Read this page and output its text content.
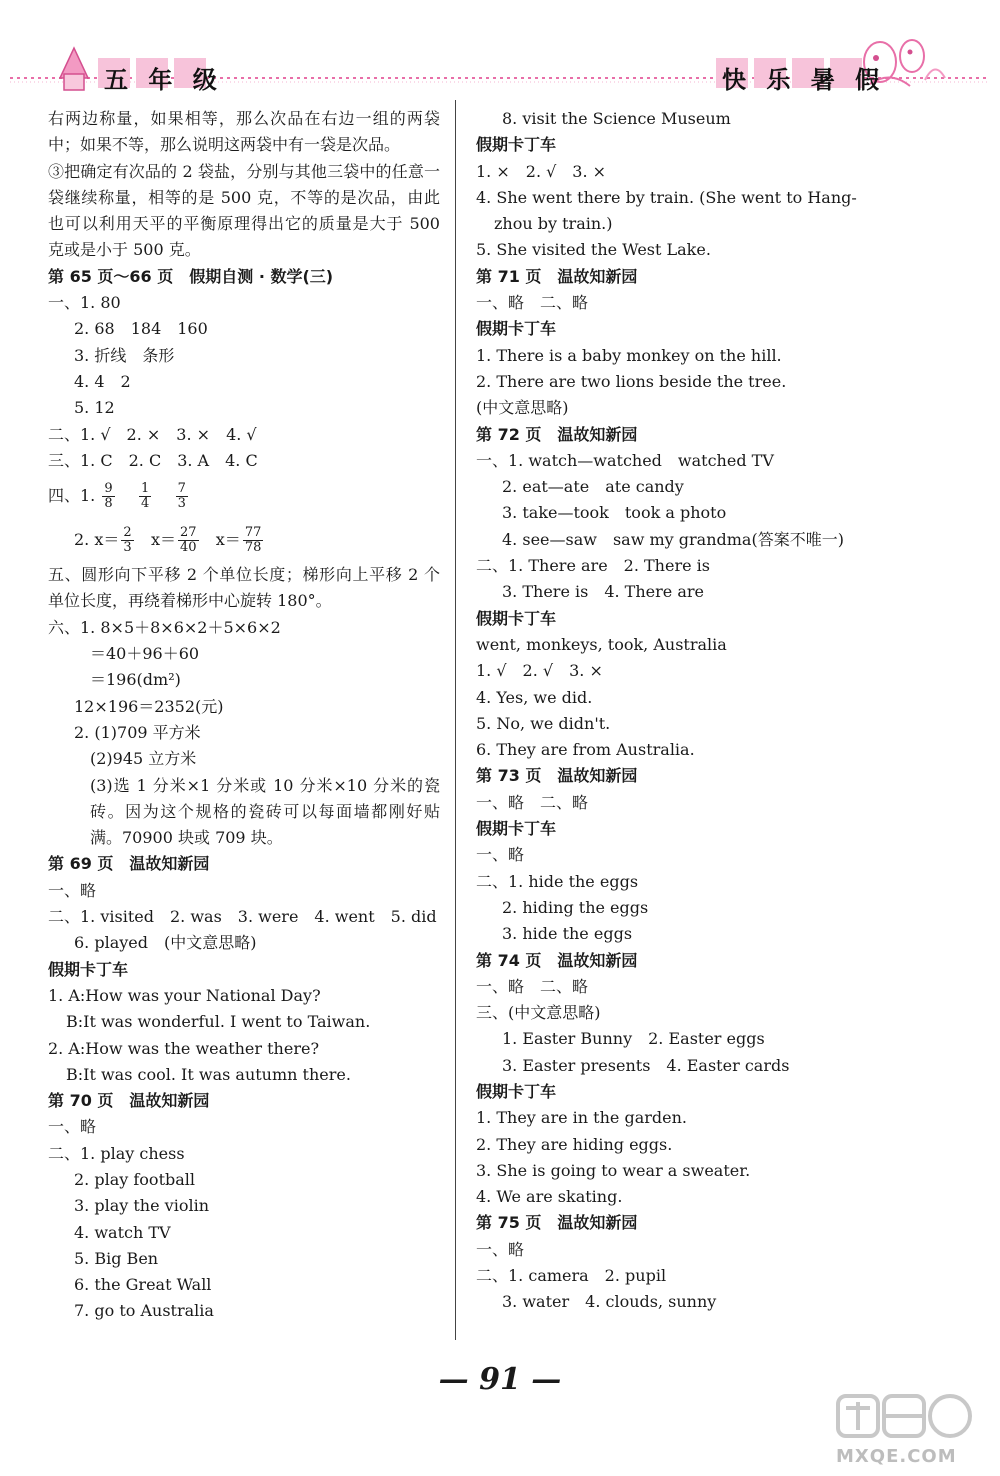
五 年 级	快 乐 暑 假
右两边称量，如果相等，那么次品在右边一组的两袋中；如果不等，那么说明这两袋中有一袋是次品。
③把确定有次品的 2 袋盐，分别与其他三袋中的任意一袋继续称量，相等的是 500 克，不等的是次品，由此也可以利用天平的平衡原理得出它的质量是大于 500 克或是小于 500 克。
第 65 页～66 页　假期自测 · 数学(三)
一、1. 80
2. 68　184　160
3. 折线　条形
4. 4　2
5. 12
二、1. √　2. ×　3. ×　4. √
三、1. C　2. C　3. A　4. C
四、1. $\frac{9}{8}$
$\frac{1}{4}$
$\frac{7}{3}$
2. $x= \frac{2}{3} x= \frac{27}{40} x= \frac{77}{78}$
五、圆形向下平移 2 个单位长度；梯形向上平移 2 个单位长度，再绕着梯形中心旋转 180°。
六、1. 8×5＋8×6×2＋5×6×2
＝40＋96＋60
＝196(dm²)
12×196＝2352(元)
2. (1)709 平方米
(2)945 立方米
(3)选 1 分米×1 分米或 10 分米×10 分米的瓷砖。因为这个规格的瓷砖可以每面墙都刚好贴满。70900 块或 709 块。
第 69 页　温故知新园
一、略
二、1. visited　2. was　3. were　4. went　5. did
6. played　(中文意思略)
假期卡丁车
1. A:How was your National Day?
B:It was wonderful. I went to Taiwan.
2. A:How was the weather there?
B:It was cool. It was autumn there.
第 70 页　温故知新园
一、略
二、1. play chess
2. play football
3. play the violin
4. watch TV
5. Big Ben
6. the Great Wall
7. go to Australia
8. visit the Science Museum
假期卡丁车
1. ×　2. √　3. ×
4. She went there by train. (She went to Hang-
zhou by train.)
5. She visited the West Lake.
第 71 页　温故知新园
一、略　二、略
假期卡丁车
1. There is a baby monkey on the hill.
2. There are two lions beside the tree.
(中文意思略)
第 72 页　温故知新园
一、1. watch—watched　watched TV
2. eat—ate　ate candy
3. take—took　took a photo
4. see—saw　saw my grandma(答案不唯一)
二、1. There are　2. There is
3. There is　4. There are
假期卡丁车
went, monkeys, took, Australia
1. √　2. √　3. ×
4. Yes, we did.
5. No, we didn't.
6. They are from Australia.
第 73 页　温故知新园
一、略　二、略
假期卡丁车
一、略
二、1. hide the eggs
2. hiding the eggs
3. hide the eggs
第 74 页　温故知新园
一、略　二、略
三、(中文意思略)
1. Easter Bunny　2. Easter eggs
3. Easter presents　4. Easter cards
假期卡丁车
1. They are in the garden.
2. They are hiding eggs.
3. She is going to wear a sweater.
4. We are skating.
第 75 页　温故知新园
一、略
二、1. camera　2. pupil
3. water　4. clouds, sunny
— 91 —
MXQE.COM
